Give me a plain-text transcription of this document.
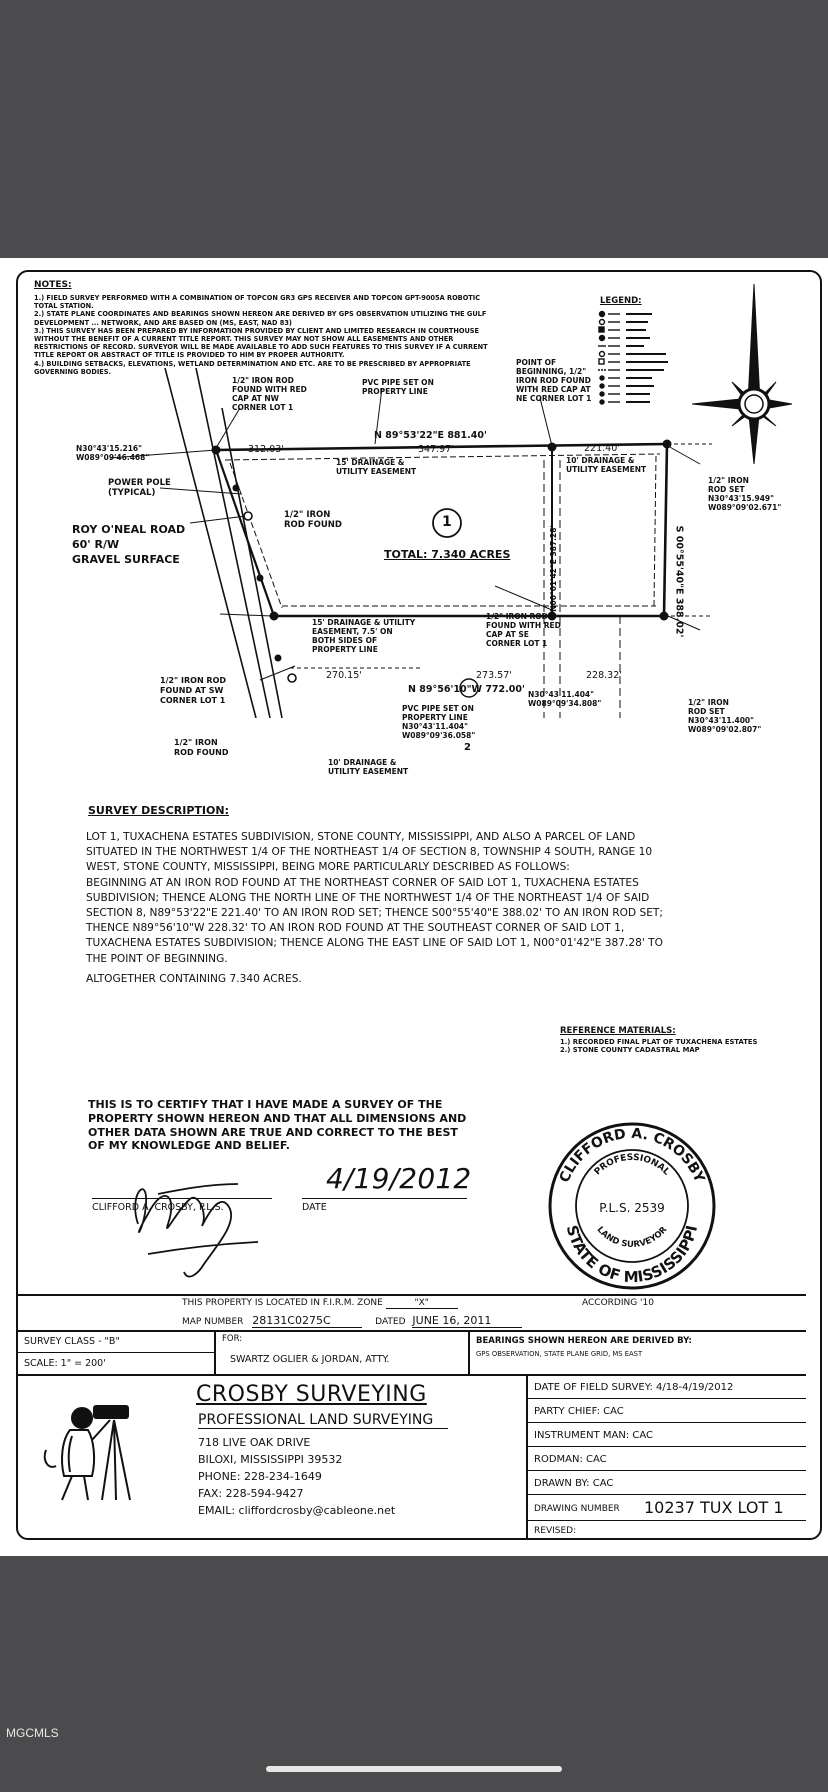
NOTES:
1.) FIELD SURVEY PERFORMED WITH A COMBINATION OF TOPCON GR3 GPS RECEIVER AND TOPCON GPT-9005A ROBOTIC
TOTAL STATION.
2.) STATE PLANE COORDINATES AND BEARINGS SHOWN HEREON ARE DERIVED BY GPS OBSERVATION UTILIZING THE GULF
DEVELOPMENT ... NETWORK, AND ARE BASED ON (MS, EAST, NAD 83)
3.) THIS SURVEY HAS BEEN PREPARED BY INFORMATION PROVIDED BY CLIENT AND LIMITED RESEARCH IN COURTHOUSE
WITHOUT THE BENEFIT OF A CURRENT TITLE REPORT. THIS SURVEY MAY NOT SHOW ALL EASEMENTS AND OTHER
RESTRICTIONS OF RECORD. SURVEYOR WILL BE MADE AVAILABLE TO ADD SUCH FEATURES TO THIS SURVEY IF A CURRENT
TITLE REPORT OR ABSTRACT OF TITLE IS PROVIDED TO HIM BY PROPER AUTHORITY.
4.) BUILDING SETBACKS, ELEVATIONS, WETLAND DETERMINATION AND ETC. ARE TO BE PRESCRIBED BY APPROPRIATE
GOVERNING BODIES.
LEGEND:
POINT OF
BEGINNING, 1/2"
IRON ROD FOUND
WITH RED CAP AT
NE CORNER LOT 1
1/2" IRON ROD
FOUND WITH RED
CAP AT NW
CORNER LOT 1
PVC PIPE SET ON
PROPERTY LINE
N 89°53'22"E 881.40'
312.03'	347.97'	221.40'
N30°43'15.216"
W089°09'46.468"
POWER POLE
(TYPICAL)
1/2" IRON
ROD FOUND
ROY O'NEAL ROAD
60' R/W
GRAVEL SURFACE
15' DRAINAGE &
UTILITY EASEMENT
10' DRAINAGE &
UTILITY EASEMENT
1
TOTAL: 7.340 ACRES
15' DRAINAGE & UTILITY
EASEMENT, 7.5' ON
BOTH SIDES OF
PROPERTY LINE
1/2" IRON ROD
FOUND WITH RED
CAP AT SE
CORNER LOT 1
1/2" IRON
ROD SET
N30°43'15.949"
W089°09'02.671"
S 00°55'40"E 388.02'
N00°01'42"E 387.28'
1/2" IRON ROD
FOUND AT SW
CORNER LOT 1
270.15'	273.57'	228.32'
N 89°56'10"W 772.00'
PVC PIPE SET ON
PROPERTY LINE
N30°43'11.404"
W089°09'36.058"
N30°43'11.404"
W089°09'34.808"	1/2" IRON
ROD SET
N30°43'11.400"
W089°09'02.807"
1/2" IRON
ROD FOUND
10' DRAINAGE &
UTILITY EASEMENT
2
SURVEY DESCRIPTION:
LOT 1, TUXACHENA ESTATES SUBDIVISION, STONE COUNTY, MISSISSIPPI, AND ALSO A PARCEL OF LAND
SITUATED IN THE NORTHWEST 1/4 OF THE NORTHEAST 1/4 OF SECTION 8, TOWNSHIP 4 SOUTH, RANGE 10
WEST, STONE COUNTY, MISSISSIPPI, BEING MORE PARTICULARLY DESCRIBED AS FOLLOWS:
BEGINNING AT AN IRON ROD FOUND AT THE NORTHEAST CORNER OF SAID LOT 1, TUXACHENA ESTATES
SUBDIVISION; THENCE ALONG THE NORTH LINE OF THE NORTHWEST 1/4 OF THE NORTHEAST 1/4 OF SAID
SECTION 8, N89°53'22"E 221.40' TO AN IRON ROD SET; THENCE S00°55'40"E 388.02' TO AN IRON ROD SET;
THENCE N89°56'10"W 228.32' TO AN IRON ROD FOUND AT THE SOUTHEAST CORNER OF SAID LOT 1,
TUXACHENA ESTATES SUBDIVISION; THENCE ALONG THE EAST LINE OF SAID LOT 1, N00°01'42"E 387.28' TO
THE POINT OF BEGINNING.
ALTOGETHER CONTAINING 7.340 ACRES.
REFERENCE MATERIALS:
1.) RECORDED FINAL PLAT OF TUXACHENA ESTATES
2.) STONE COUNTY CADASTRAL MAP
THIS IS TO CERTIFY THAT I HAVE MADE A SURVEY OF THE
PROPERTY SHOWN HEREON AND THAT ALL DIMENSIONS AND
OTHER DATA SHOWN ARE TRUE AND CORRECT TO THE BEST
OF MY KNOWLEDGE AND BELIEF.
CLIFFORD A. CROSBY, P.L.S.	DATE
4/19/2012	CLIFFORD A. CROSBY
STATE OF MISSISSIPPI
PROFESSIONAL
LAND SURVEYOR
P.L.S. 2539
THIS PROPERTY IS LOCATED IN F.I.R.M. ZONE	"X"	ACCORDING '10
MAP NUMBER 28131C0275C	DATED JUNE 16, 2011
SURVEY CLASS - "B"
SCALE: 1" = 200'
FOR:
SWARTZ OGLIER & JORDAN, ATTY.
BEARINGS SHOWN HEREON ARE DERIVED BY:
GPS OBSERVATION, STATE PLANE GRID, MS EAST
CROSBY SURVEYING
PROFESSIONAL LAND SURVEYING
718 LIVE OAK DRIVE
BILOXI, MISSISSIPPI 39532
PHONE: 228-234-1649
FAX: 228-594-9427
EMAIL: cliffordcrosby@cableone.net
DATE OF FIELD SURVEY: 4/18-4/19/2012
PARTY CHIEF: CAC
INSTRUMENT MAN: CAC
RODMAN: CAC
DRAWN BY: CAC
DRAWING NUMBER 10237 TUX LOT 1
REVISED:
MGCMLS
